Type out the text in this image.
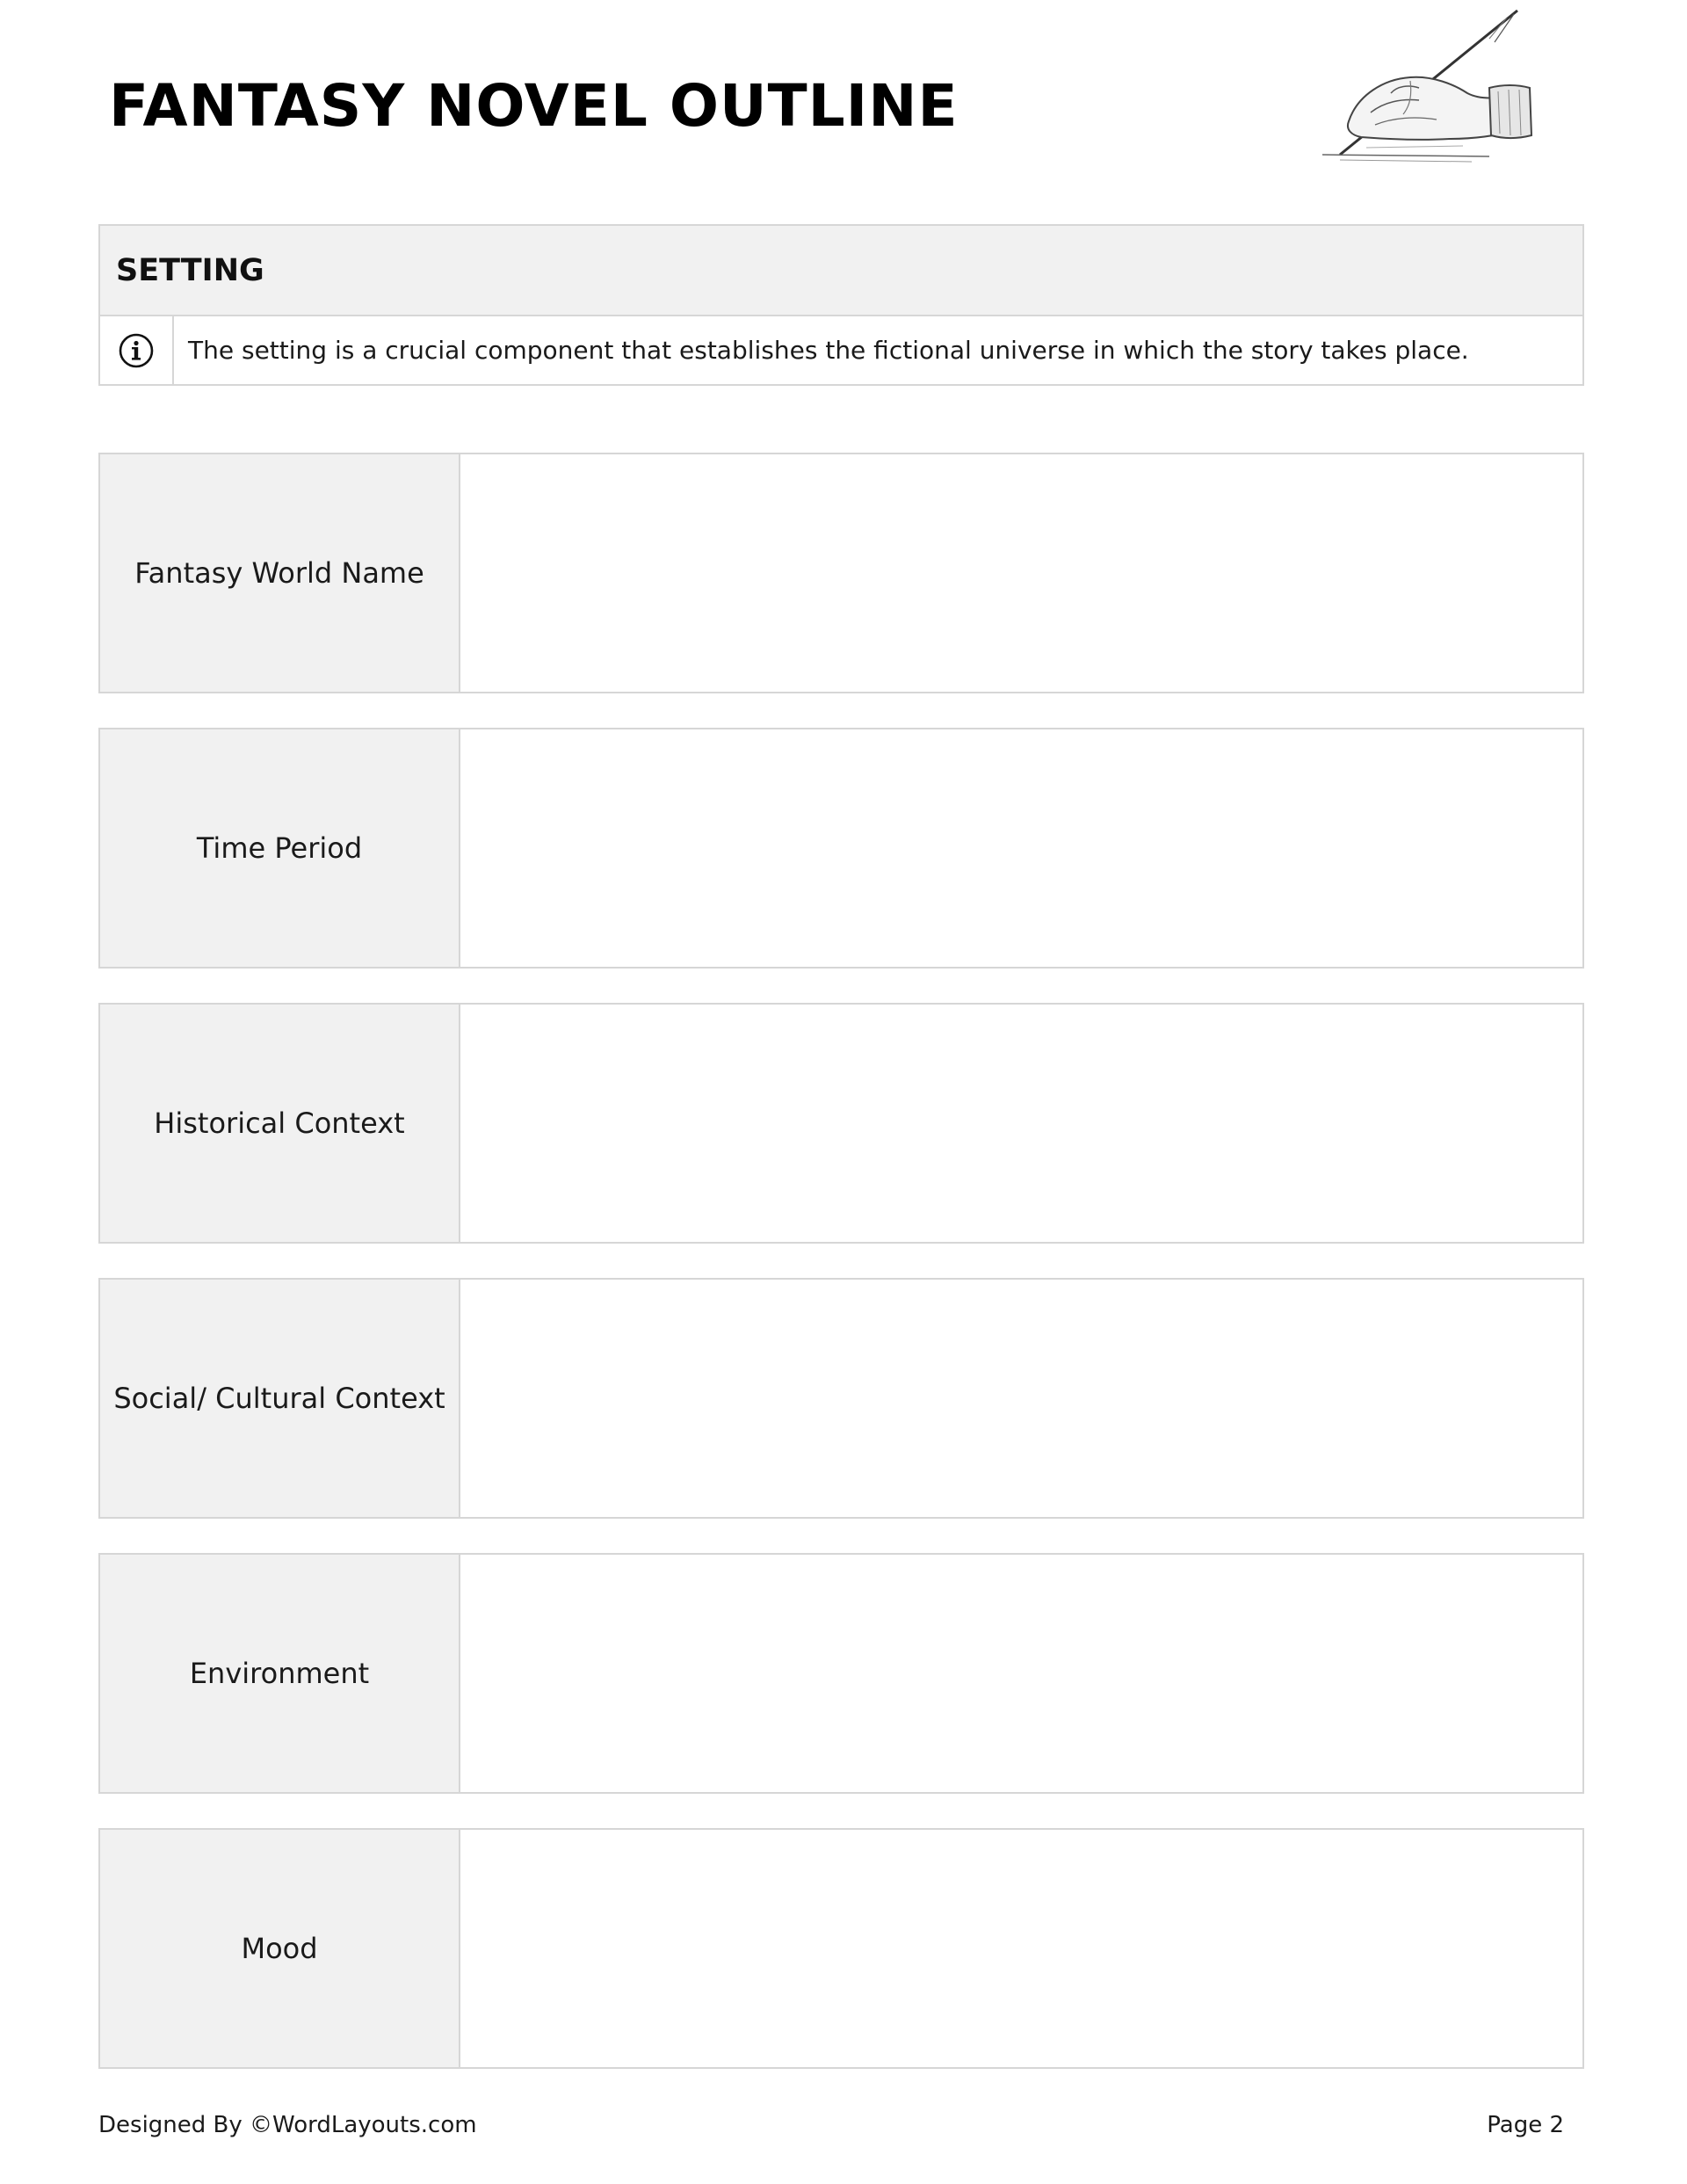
FANTASY NOVEL OUTLINE
SETTING
The setting is a crucial component that establishes the fictional universe in which the story takes place.
Fantasy World Name
Time Period
Historical Context
Social/ Cultural Context
Environment
Mood
Designed By ©WordLayouts.com	Page 2
